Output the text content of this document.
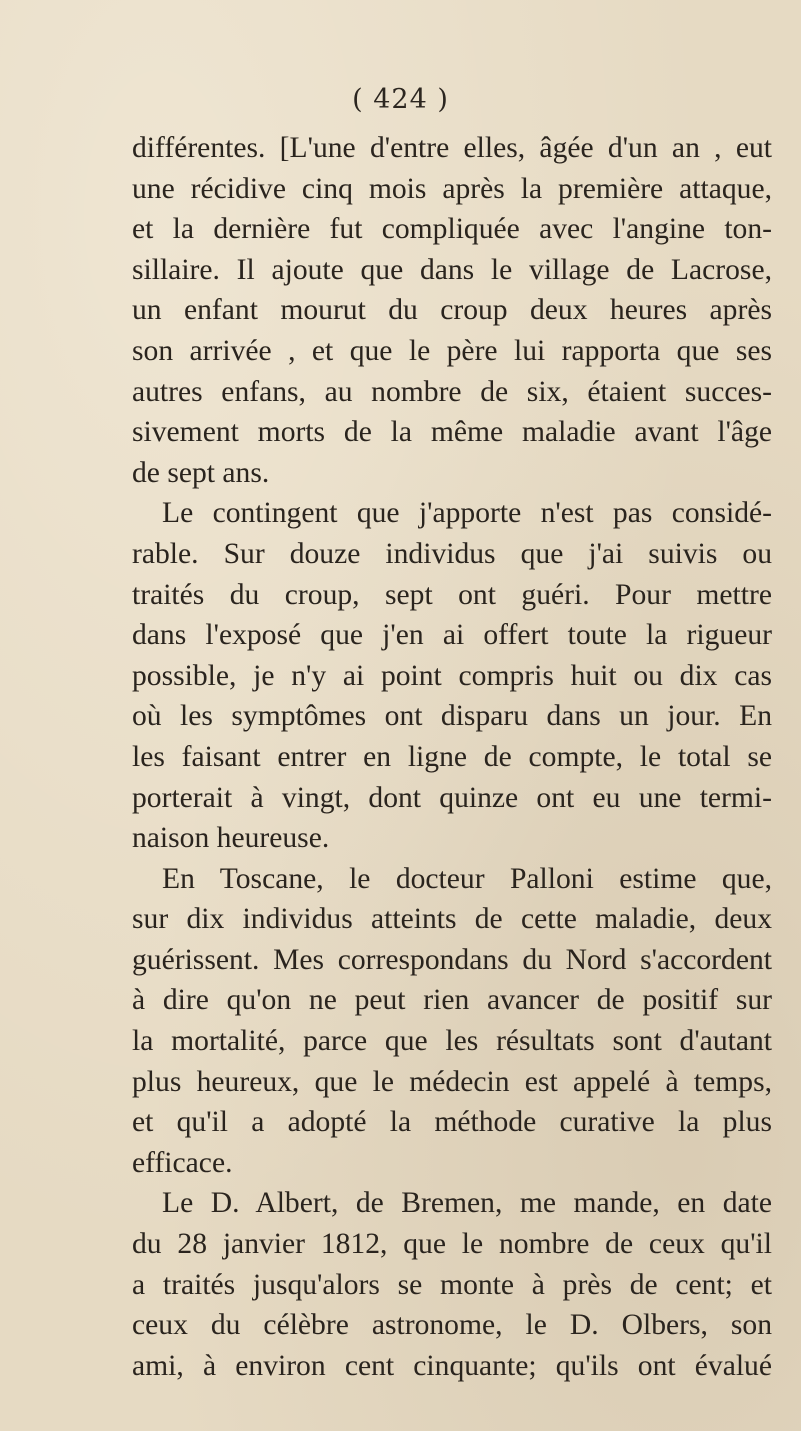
( 424 )
différentes. [L'une d'entre elles, âgée d'un an , eut
une récidive cinq mois après la première attaque,
et la dernière fut compliquée avec l'angine ton-
sillaire. Il ajoute que dans le village de Lacrose,
un enfant mourut du croup deux heures après
son arrivée , et que le père lui rapporta que ses
autres enfans, au nombre de six, étaient succes-
sivement morts de la même maladie avant l'âge
de sept ans.
Le contingent que j'apporte n'est pas considé-
rable. Sur douze individus que j'ai suivis ou
traités du croup, sept ont guéri. Pour mettre
dans l'exposé que j'en ai offert toute la rigueur
possible, je n'y ai point compris huit ou dix cas
où les symptômes ont disparu dans un jour. En
les faisant entrer en ligne de compte, le total se
porterait à vingt, dont quinze ont eu une termi-
naison heureuse.
En Toscane, le docteur Palloni estime que,
sur dix individus atteints de cette maladie, deux
guérissent. Mes correspondans du Nord s'accordent
à dire qu'on ne peut rien avancer de positif sur
la mortalité, parce que les résultats sont d'autant
plus heureux, que le médecin est appelé à temps,
et qu'il a adopté la méthode curative la plus
efficace.
Le D. Albert, de Bremen, me mande, en date
du 28 janvier 1812, que le nombre de ceux qu'il
a traités jusqu'alors se monte à près de cent; et
ceux du célèbre astronome, le D. Olbers, son
ami, à environ cent cinquante; qu'ils ont évalué
